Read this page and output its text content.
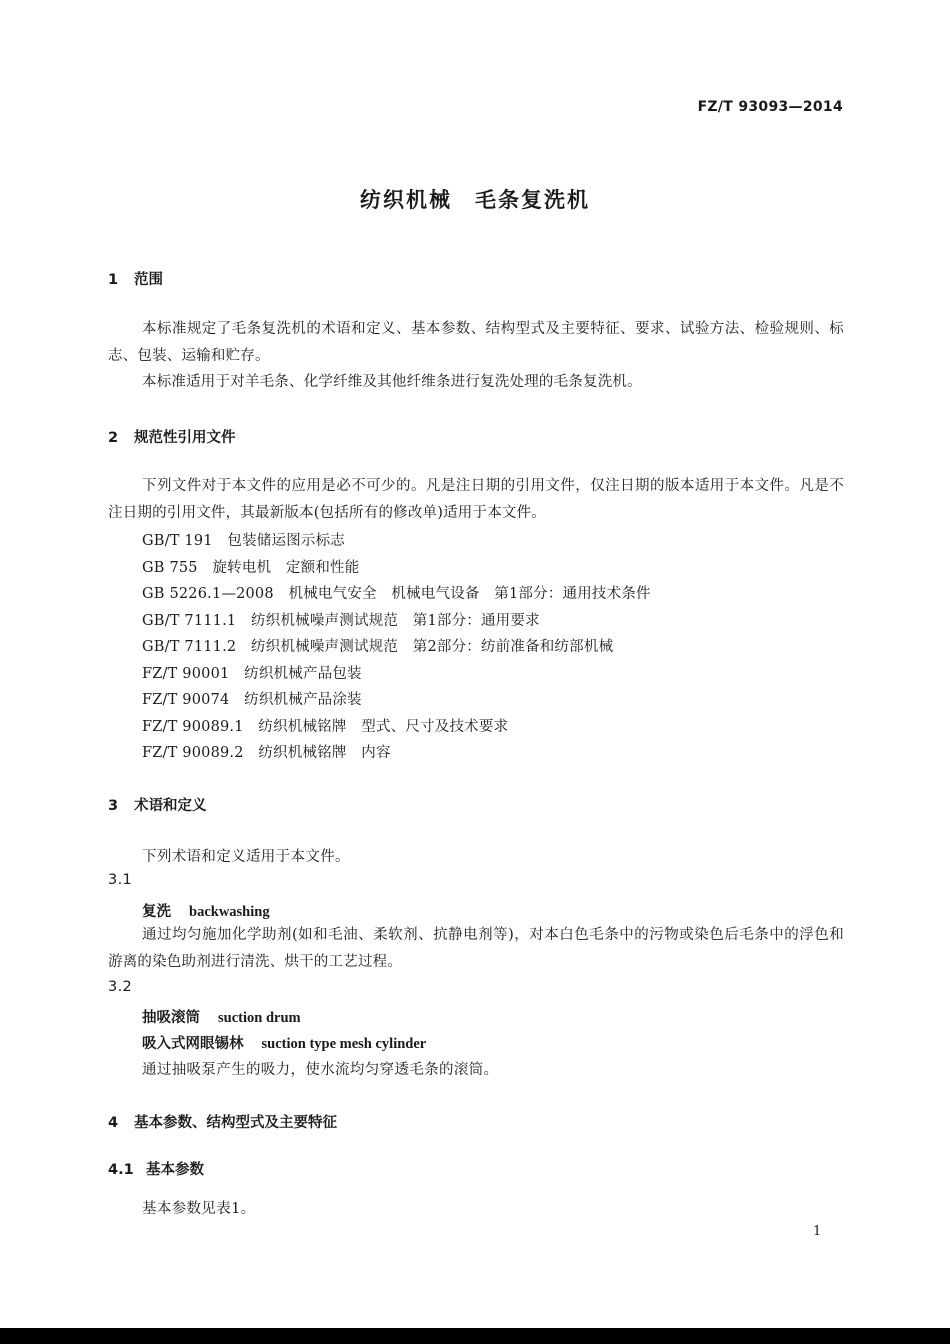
FZ/T 93093—2014
纺织机械　毛条复洗机
1 范围
本标准规定了毛条复洗机的术语和定义、基本参数、结构型式及主要特征、要求、试验方法、检验规则、标志、包装、运输和贮存。
本标准适用于对羊毛条、化学纤维及其他纤维条进行复洗处理的毛条复洗机。
2 规范性引用文件
下列文件对于本文件的应用是必不可少的。凡是注日期的引用文件，仅注日期的版本适用于本文件。凡是不注日期的引用文件，其最新版本(包括所有的修改单)适用于本文件。
GB/T 191　 包装储运图示标志
GB 755　 旋转电机　定额和性能
GB 5226.1—2008　 机械电气安全　机械电气设备　第1部分：通用技术条件
GB/T 7111.1　 纺织机械噪声测试规范　第1部分：通用要求
GB/T 7111.2　 纺织机械噪声测试规范　第2部分：纺前准备和纺部机械
FZ/T 90001　 纺织机械产品包装
FZ/T 90074　 纺织机械产品涂装
FZ/T 90089.1　 纺织机械铭牌　型式、尺寸及技术要求
FZ/T 90089.2　 纺织机械铭牌　内容
3 术语和定义
下列术语和定义适用于本文件。
3.1
复洗 backwashing
通过均匀施加化学助剂(如和毛油、柔软剂、抗静电剂等)，对本白色毛条中的污物或染色后毛条中的浮色和游离的染色助剂进行清洗、烘干的工艺过程。
3.2
抽吸滚筒 suction drum
吸入式网眼锡林 suction type mesh cylinder
通过抽吸泵产生的吸力，使水流均匀穿透毛条的滚筒。
4 基本参数、结构型式及主要特征
4.1 基本参数
基本参数见表1。
1
